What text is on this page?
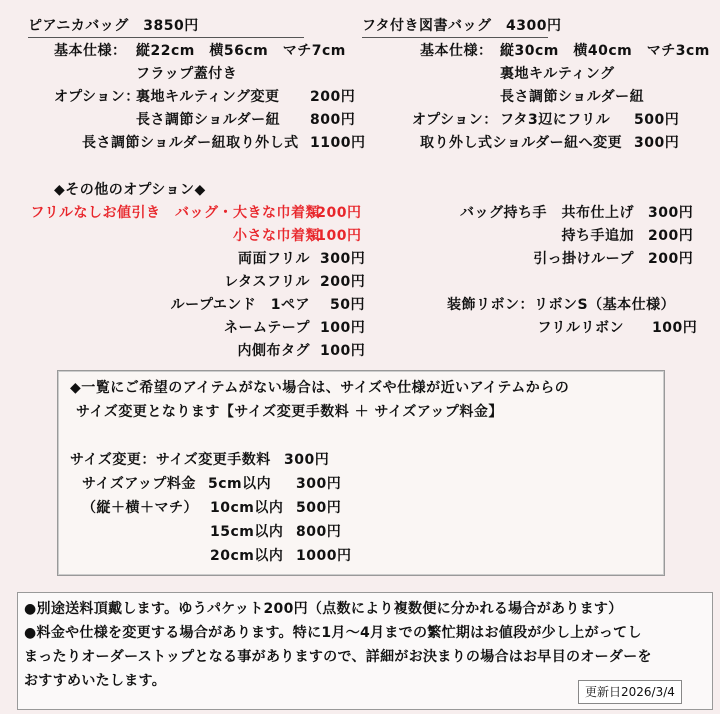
ピアニカバッグ　3850円
基本仕様： 縦22cm　横56cm　マチ7cm
フラップ蓋付き
オプション：
裏地キルティング変更 200円
長さ調節ショルダー紐 800円
長さ調節ショルダー紐取り外し式 1100円
フタ付き図書バッグ　4300円
基本仕様： 縦30cm　横40cm　マチ3cm
裏地キルティング
長さ調節ショルダー紐
オプション： フタ3辺にフリル 500円
取り外し式ショルダー紐へ変更 300円
◆その他のオプション◆
フリルなしお値引き　バッグ・大きな巾着類
-200円
小さな巾着類
-100円
両面フリル 300円
レタスフリル 200円
ループエンド　1ペア 50円
ネームテープ 100円
内側布タグ 100円
バッグ持ち手　共布仕上げ 300円
持ち手追加 200円
引っ掛けループ 200円
装飾リボン：リボンS（基本仕様）
フリルリボン 100円
◆一覧にご希望のアイテムがない場合は、サイズや仕様が近いアイテムからの
サイズ変更となります【サイズ変更手数料 ＋ サイズアップ料金】
サイズ変更：サイズ変更手数料 300円
サイズアップ料金 5cm以内 300円
（縦＋横＋マチ） 10cm以内 500円
15cm以内 800円
20cm以内 1000円
●別途送料頂戴します。ゆうパケット200円（点数により複数便に分かれる場合があります）
●料金や仕様を変更する場合があります。特に1月～4月までの繁忙期はお値段が少し上がってし
まったりオーダーストップとなる事がありますので、詳細がお決まりの場合はお早目のオーダーを
おすすめいたします。
更新日2026/3/4
